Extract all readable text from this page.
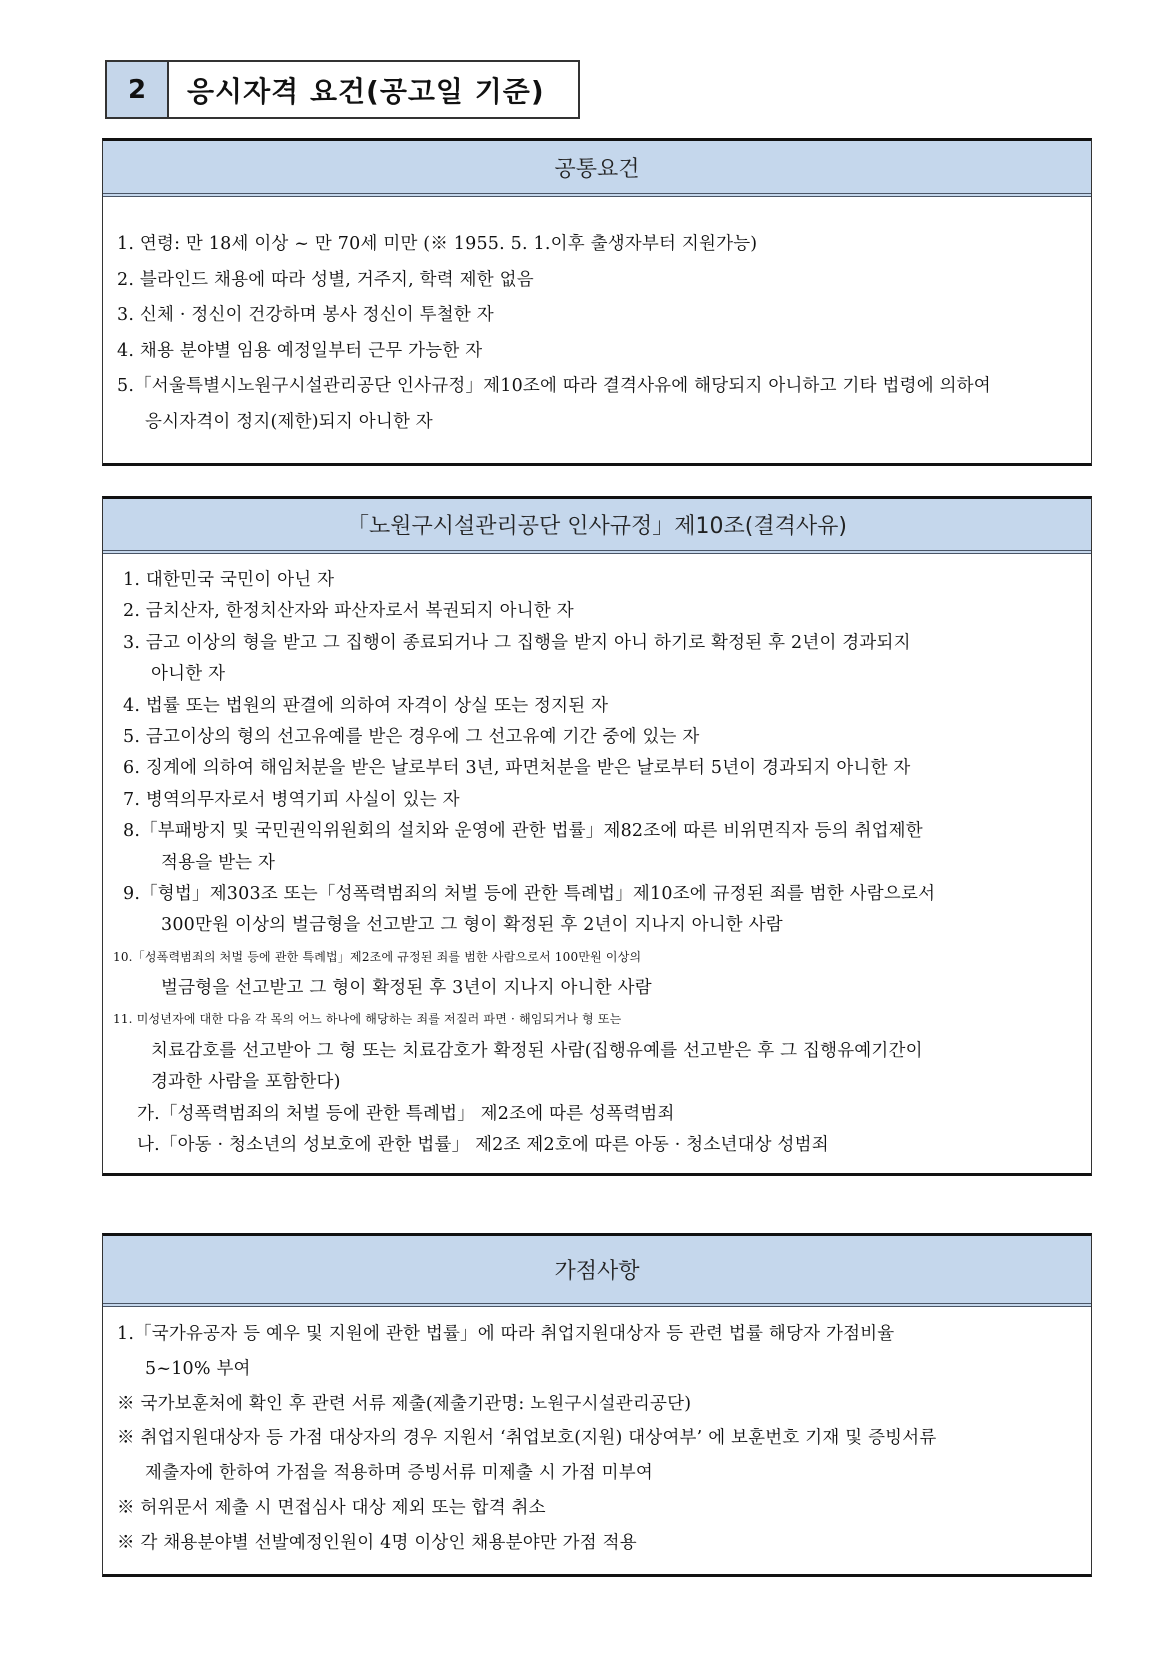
2	응시자격 요건(공고일 기준)
공통요건
1. 연령: 만 18세 이상 ~ 만 70세 미만 (※ 1955. 5. 1.이후 출생자부터 지원가능)
2. 블라인드 채용에 따라 성별, 거주지, 학력 제한 없음
3. 신체 · 정신이 건강하며 봉사 정신이 투철한 자
4. 채용 분야별 임용 예정일부터 근무 가능한 자
5.「서울특별시노원구시설관리공단 인사규정」제10조에 따라 결격사유에 해당되지 아니하고 기타 법령에 의하여
응시자격이 정지(제한)되지 아니한 자
「노원구시설관리공단 인사규정」제10조(결격사유)
1. 대한민국 국민이 아닌 자
2. 금치산자, 한정치산자와 파산자로서 복권되지 아니한 자
3. 금고 이상의 형을 받고 그 집행이 종료되거나 그 집행을 받지 아니 하기로 확정된 후 2년이 경과되지
아니한 자
4. 법률 또는 법원의 판결에 의하여 자격이 상실 또는 정지된 자
5. 금고이상의 형의 선고유예를 받은 경우에 그 선고유예 기간 중에 있는 자
6. 징계에 의하여 해임처분을 받은 날로부터 3년, 파면처분을 받은 날로부터 5년이 경과되지 아니한 자
7. 병역의무자로서 병역기피 사실이 있는 자
8.「부패방지 및 국민권익위원회의 설치와 운영에 관한 법률」제82조에 따른 비위면직자 등의 취업제한
적용을 받는 자
9.「형법」제303조 또는「성폭력범죄의 처벌 등에 관한 특례법」제10조에 규정된 죄를 범한 사람으로서
300만원 이상의 벌금형을 선고받고 그 형이 확정된 후 2년이 지나지 아니한 사람
10.「성폭력범죄의 처벌 등에 관한 특례법」제2조에 규정된 죄를 범한 사람으로서 100만원 이상의
벌금형을 선고받고 그 형이 확정된 후 3년이 지나지 아니한 사람
11. 미성년자에 대한 다음 각 목의 어느 하나에 해당하는 죄를 저질러 파면 · 해임되거나 형 또는
치료감호를 선고받아 그 형 또는 치료감호가 확정된 사람(집행유예를 선고받은 후 그 집행유예기간이
경과한 사람을 포함한다)
가.「성폭력범죄의 처벌 등에 관한 특례법」 제2조에 따른 성폭력범죄
나.「아동 · 청소년의 성보호에 관한 법률」 제2조 제2호에 따른 아동 · 청소년대상 성범죄
가점사항
1.「국가유공자 등 예우 및 지원에 관한 법률」에 따라 취업지원대상자 등 관련 법률 해당자 가점비율
5~10% 부여
※ 국가보훈처에 확인 후 관련 서류 제출(제출기관명: 노원구시설관리공단)
※ 취업지원대상자 등 가점 대상자의 경우 지원서 ‘취업보호(지원) 대상여부’ 에 보훈번호 기재 및 증빙서류
제출자에 한하여 가점을 적용하며 증빙서류 미제출 시 가점 미부여
※ 허위문서 제출 시 면접심사 대상 제외 또는 합격 취소
※ 각 채용분야별 선발예정인원이 4명 이상인 채용분야만 가점 적용
